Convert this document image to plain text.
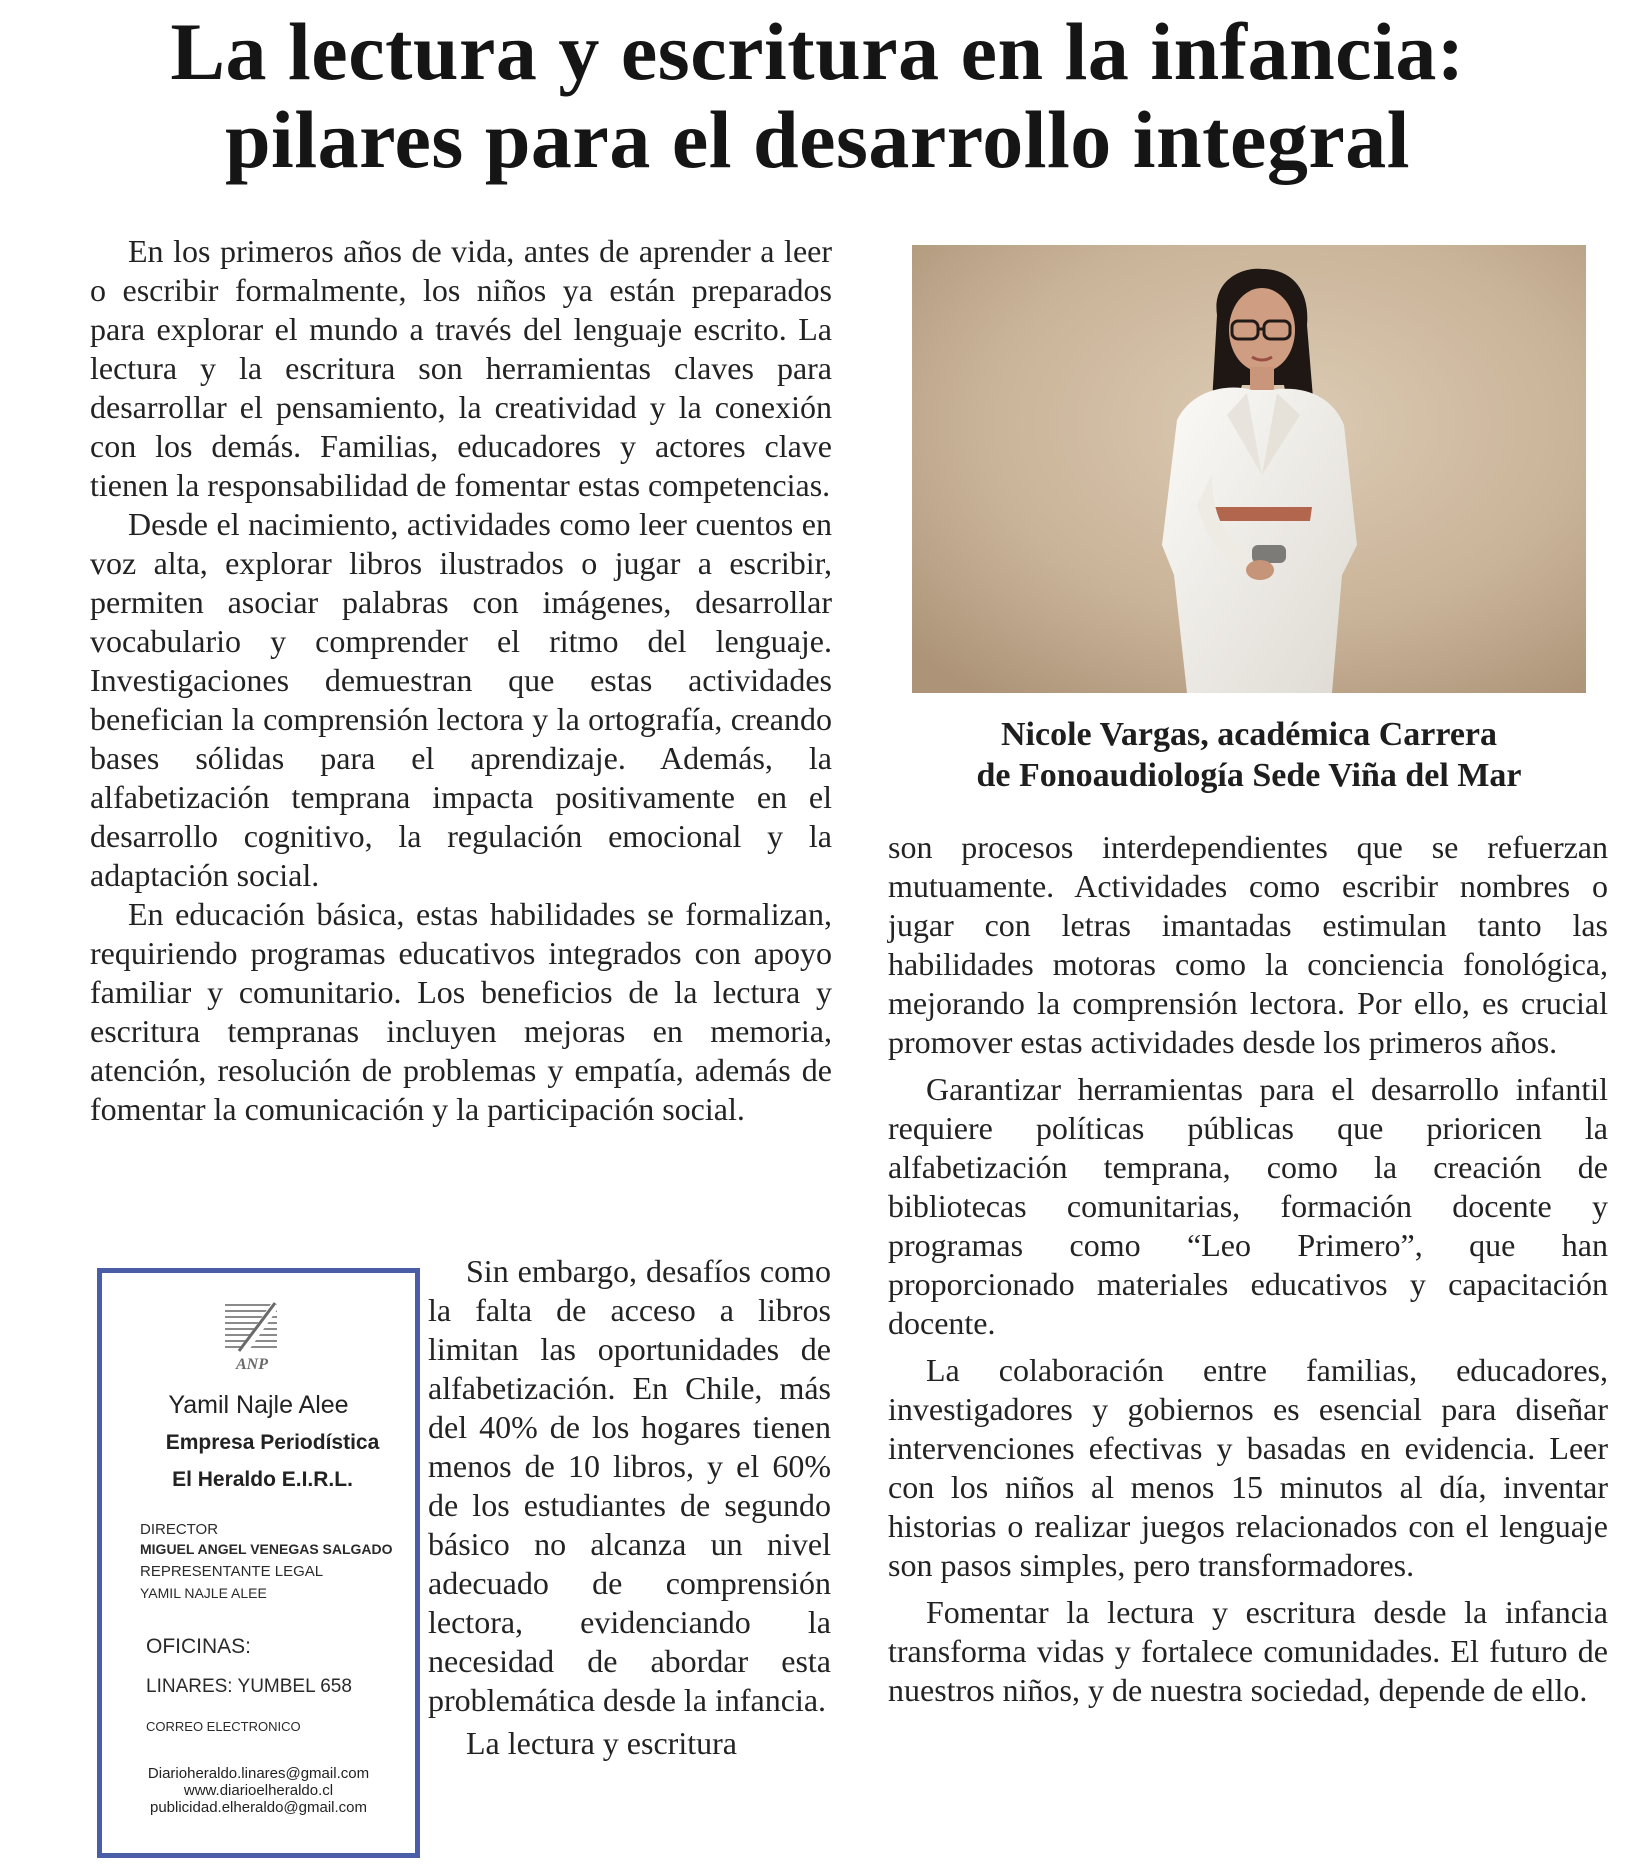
La lectura y escritura en la infancia:
pilares para el desarrollo integral

En los primeros años de vida, antes de aprender a leer o escribir formalmente, los niños ya están preparados para explorar el mundo a través del lenguaje escrito. La lectura y la escritura son herramientas claves para desarrollar el pensamiento, la creatividad y la conexión con los demás. Familias, educadores y actores clave tienen la responsabilidad de fomentar estas competencias.

Desde el nacimiento, actividades como leer cuentos en voz alta, explorar libros ilustrados o jugar a escribir, permiten asociar palabras con imágenes, desarrollar vocabulario y comprender el ritmo del lenguaje. Investigaciones demuestran que estas actividades benefician la comprensión lectora y la ortografía, creando bases sólidas para el aprendizaje. Además, la alfabetización temprana impacta positivamente en el desarrollo cognitivo, la regulación emocional y la adaptación social.

En educación básica, estas habilidades se formalizan, requiriendo programas educativos integrados con apoyo familiar y comunitario. Los beneficios de la lectura y escritura tempranas incluyen mejoras en memoria, atención, resolución de problemas y empatía, además de fomentar la comunicación y la participación social.

Sin embargo, desafíos como la falta de acceso a libros limitan las oportunidades de alfabetización. En Chile, más del 40% de los hogares tienen menos de 10 libros, y el 60% de los estudiantes de segundo básico no alcanza un nivel adecuado de comprensión lectora, evidenciando la necesidad de abordar esta problemática desde la infancia.

La lectura y escritura

Nicole Vargas, académica Carrera
de Fonoaudiología Sede Viña del Mar

son procesos interdependientes que se refuerzan mutuamente. Actividades como escribir nombres o jugar con letras imantadas estimulan tanto las habilidades motoras como la conciencia fonológica, mejorando la comprensión lectora. Por ello, es crucial promover estas actividades desde los primeros años.

Garantizar herramientas para el desarrollo infantil requiere políticas públicas que prioricen la alfabetización temprana, como la creación de bibliotecas comunitarias, formación docente y programas como “Leo Primero”, que han proporcionado materiales educativos y capacitación docente.

La colaboración entre familias, educadores, investigadores y gobiernos es esencial para diseñar intervenciones efectivas y basadas en evidencia. Leer con los niños al menos 15 minutos al día, inventar historias o realizar juegos relacionados con el lenguaje son pasos simples, pero transformadores.

Fomentar la lectura y escritura desde la infancia transforma vidas y fortalece comunidades. El futuro de nuestros niños, y de nuestra sociedad, depende de ello.

ANP
Yamil Najle Alee
Empresa Periodística
El Heraldo E.I.R.L.
DIRECTOR
MIGUEL ANGEL VENEGAS SALGADO
REPRESENTANTE LEGAL
YAMIL NAJLE ALEE
OFICINAS:
LINARES: YUMBEL 658
CORREO ELECTRONICO
Diarioheraldo.linares@gmail.com
www.diarioelheraldo.cl
publicidad.elheraldo@gmail.com
